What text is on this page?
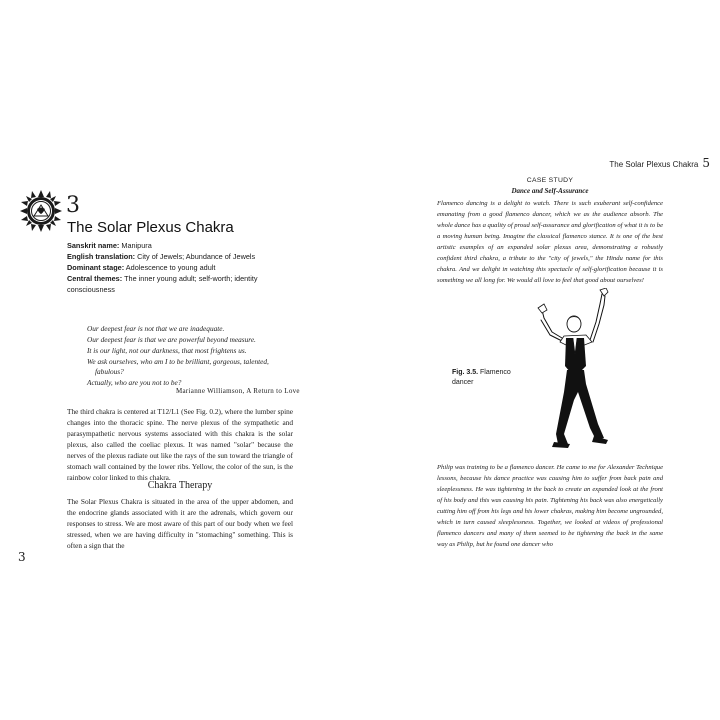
The Solar Plexus Chakra 5
3
3
The Solar Plexus Chakra
Sanskrit name: Manipura
English translation: City of Jewels; Abundance of Jewels
Dominant stage: Adolescence to young adult
Central themes: The inner young adult; self-worth; identity consciousness
Our deepest fear is not that we are inadequate.
Our deepest fear is that we are powerful beyond measure.
It is our light, not our darkness, that most frightens us.
We ask ourselves, who am I to be brilliant, gorgeous, talented,
fabulous?
Actually, who are you not to be?
Marianne Williamson, A Return to Love
The third chakra is centered at T12/L1 (See Fig. 0.2), where the lumber spine changes into the thoracic spine. The nerve plexus of the sympathetic and parasympathetic nervous systems associated with this chakra is the solar plexus, also called the coeliac plexus. It was named "solar" because the nerves of the plexus radiate out like the rays of the sun toward the triangle of stomach wall contained by the lower ribs. Yellow, the color of the sun, is the rainbow color linked to this chakra.
Chakra Therapy
The Solar Plexus Chakra is situated in the area of the upper abdomen, and the endocrine glands associated with it are the adrenals, which govern our responses to stress. We are most aware of this part of our body when we feel stressed, when we are having difficulty in "stomaching" something. This is often a sign that the
CASE STUDY
Dance and Self-Assurance
Flamenco dancing is a delight to watch. There is such exuberant self-confidence emanating from a good flamenco dancer, which we as the audience absorb. The whole dance has a quality of proud self-assurance and glorification of what it is to be a moving human being. Imagine the classical flamenco stance. It is one of the best artistic examples of an expanded solar plexus area, demonstrating a robustly confident third chakra, a tribute to the "city of jewels," the Hindu name for this chakra. And we delight in watching this spectacle of self-glorification because it is something we all long for. We would all love to feel that good about ourselves!
Fig. 3.5. Flamenco dancer
Philip was training to be a flamenco dancer. He came to me for Alexander Technique lessons, because his dance practice was causing him to suffer from back pain and sleeplessness. He was tightening in the back to create an expanded look at the front of his body and this was causing his pain. Tightening his back was also energetically cutting him off from his legs and his lower chakras, making him become ungrounded, which in turn caused sleeplessness. Together, we looked at videos of professional flamenco dancers and many of them seemed to be tightening the back in the same way as Philip, but he found one dancer who
